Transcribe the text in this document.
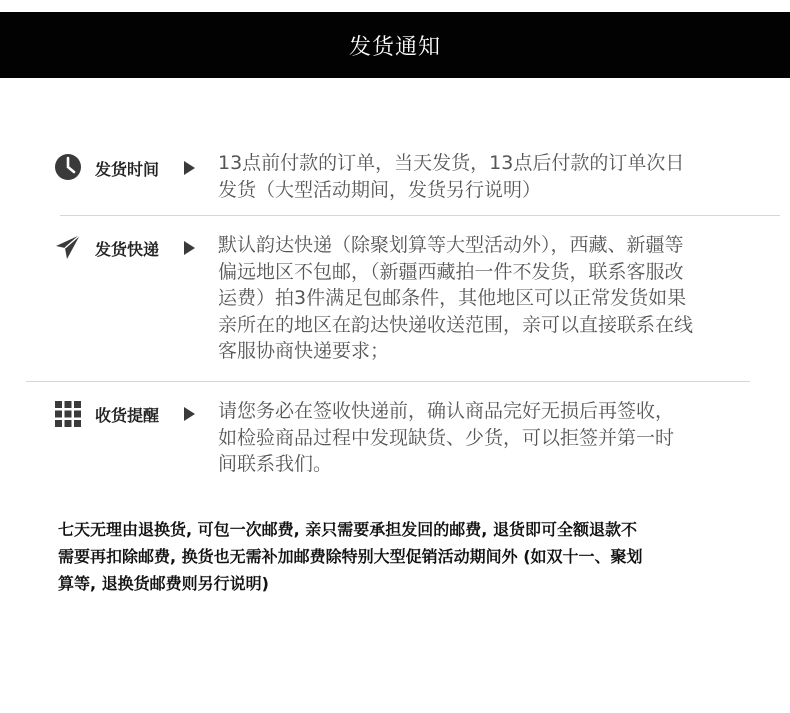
发货通知
发货时间	13点前付款的订单，当天发货，13点后付款的订单次日
发货（大型活动期间，发货另行说明）
发货快递	默认韵达快递（除聚划算等大型活动外），西藏、新疆等
偏远地区不包邮，（新疆西藏拍一件不发货，联系客服改
运费）拍3件满足包邮条件，其他地区可以正常发货如果
亲所在的地区在韵达快递收送范围，亲可以直接联系在线
客服协商快递要求；
收货提醒	请您务必在签收快递前，确认商品完好无损后再签收，
如检验商品过程中发现缺货、少货，可以拒签并第一时
间联系我们。
七天无理由退换货, 可包一次邮费, 亲只需要承担发回的邮费, 退货即可全额退款不
需要再扣除邮费, 换货也无需补加邮费除特别大型促销活动期间外 (如双十一、聚划
算等, 退换货邮费则另行说明)
